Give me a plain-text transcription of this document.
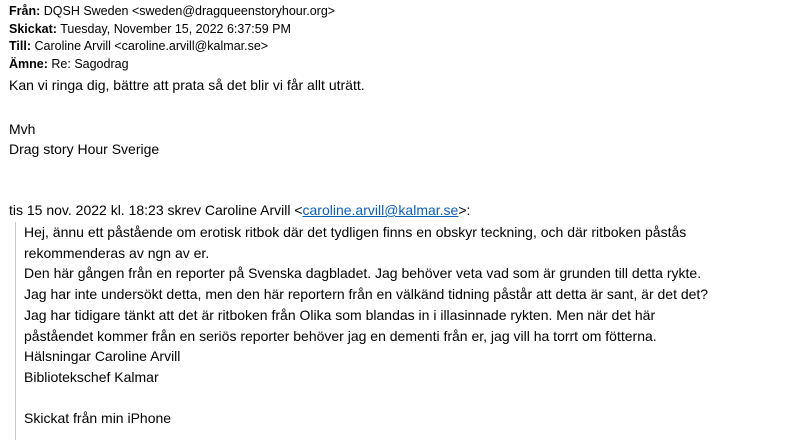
Från: DQSH Sweden <sweden@dragqueenstoryhour.org>
Skickat: Tuesday, November 15, 2022 6:37:59 PM
Till: Caroline Arvill <caroline.arvill@kalmar.se>
Ämne: Re: Sagodrag
Kan vi ringa dig, bättre att prata så det blir vi får allt uträtt.
Mvh
Drag story Hour Sverige
tis 15 nov. 2022 kl. 18:23 skrev Caroline Arvill <caroline.arvill@kalmar.se>:
Hej, ännu ett påstående om erotisk ritbok där det tydligen finns en obskyr teckning, och där ritboken påstås
rekommenderas av ngn av er.
Den här gången från en reporter på Svenska dagbladet. Jag behöver veta vad som är grunden till detta rykte.
Jag har inte undersökt detta, men den här reportern från en välkänd tidning påstår att detta är sant, är det det?
Jag har tidigare tänkt att det är ritboken från Olika som blandas in i illasinnade rykten. Men när det här
påståendet kommer från en seriös reporter behöver jag en dementi från er, jag vill ha torrt om fötterna.
Hälsningar Caroline Arvill
Bibliotekschef Kalmar
Skickat från min iPhone
